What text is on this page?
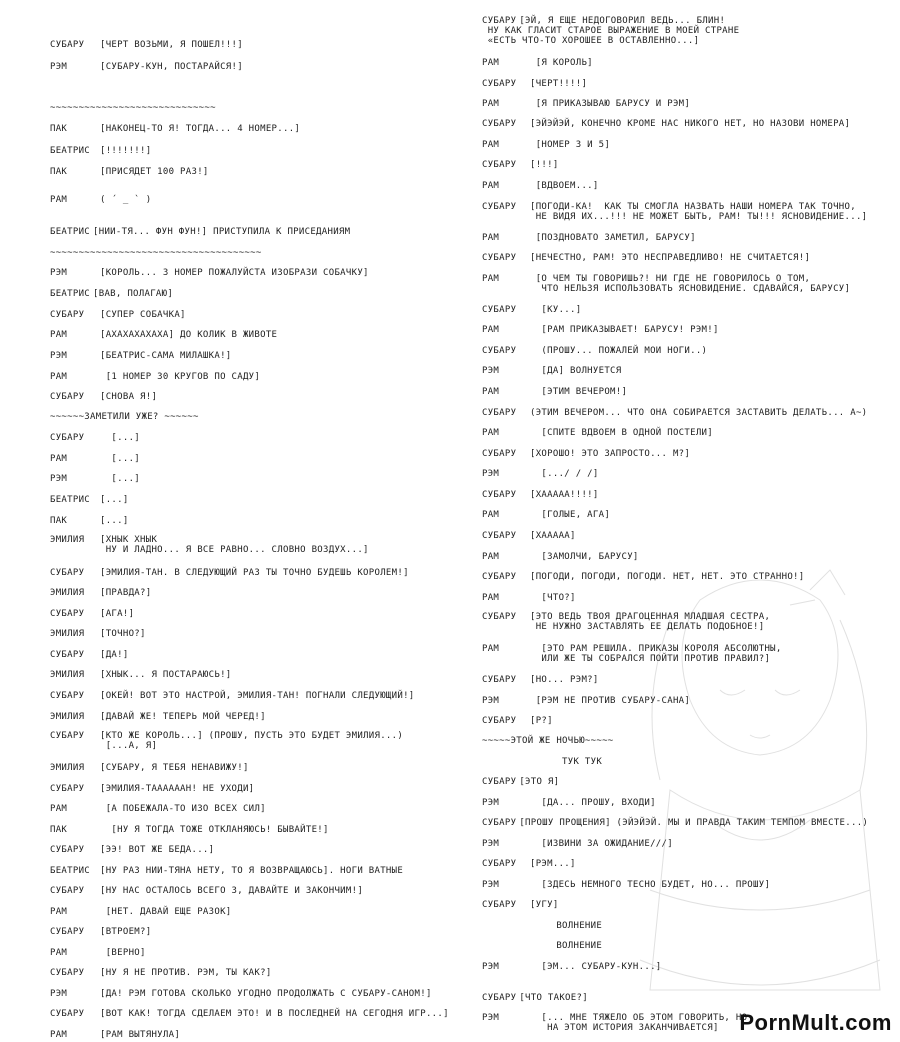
СУБАРУ [ЧЕРТ ВОЗЬМИ, Я ПОШЕЛ!!!]
РЭМ	[СУБАРУ-КУН, ПОСТАРАЙСЯ!]
~~~~~~~~~~~~~~~~~~~~~~~~~~~~~
ПАК	[НАКОНЕЦ-ТО Я! ТОГДА... 4 НОМЕР...]
БЕАТРИС [!!!!!!!]
ПАК	[ПРИСЯДЕТ 100 РАЗ!]
РАМ	( ´ _ ` )
БЕАТРИС [НИИ-ТЯ... ФУН ФУН!] ПРИСТУПИЛА К ПРИСЕДАНИЯМ
~~~~~~~~~~~~~~~~~~~~~~~~~~~~~~~~~~~~~
РЭМ	[КОРОЛЬ... 3 НОМЕР ПОЖАЛУЙСТА ИЗОБРАЗИ СОБАЧКУ]
БЕАТРИС [ВАВ, ПОЛАГАЮ]
СУБАРУ [СУПЕР СОБАЧКА]
РАМ	[АХАХАХАХАХА] ДО КОЛИК В ЖИВОТЕ
РЭМ	[БЕАТРИС-САМА МИЛАШКА!]
РАМ	[1 НОМЕР 30 КРУГОВ ПО САДУ]
СУБАРУ [СНОВА Я!]
~~~~~~ЗАМЕТИЛИ УЖЕ? ~~~~~~
СУБАРУ [...]
РАМ	[...]
РЭМ	[...]
БЕАТРИС [...]
ПАК	[...]
ЭМИЛИЯ [ХНЫК ХНЫК
НУ И ЛАДНО... Я ВСЕ РАВНО... СЛОВНО ВОЗДУХ...]
СУБАРУ [ЭМИЛИЯ-ТАН. В СЛЕДУЮЩИЙ РАЗ ТЫ ТОЧНО БУДЕШЬ КОРОЛЕМ!]
ЭМИЛИЯ [ПРАВДА?]
СУБАРУ [АГА!]
ЭМИЛИЯ [ТОЧНО?]
СУБАРУ [ДА!]
ЭМИЛИЯ [ХНЫК... Я ПОСТАРАЮСЬ!]
СУБАРУ [ОКЕЙ! ВОТ ЭТО НАСТРОЙ, ЭМИЛИЯ-ТАН! ПОГНАЛИ СЛЕДУЮЩИЙ!]
ЭМИЛИЯ [ДАВАЙ ЖЕ! ТЕПЕРЬ МОЙ ЧЕРЕД!]
СУБАРУ [КТО ЖЕ КОРОЛЬ...] (ПРОШУ, ПУСТЬ ЭТО БУДЕТ ЭМИЛИЯ...)
[...А, Я]
ЭМИЛИЯ [СУБАРУ, Я ТЕБЯ НЕНАВИЖУ!]
СУБАРУ [ЭМИЛИЯ-ТААААААН! НЕ УХОДИ]
РАМ	[А ПОБЕЖАЛА-ТО ИЗО ВСЕХ СИЛ]
ПАК	[НУ Я ТОГДА ТОЖЕ ОТКЛАНЯЮСЬ! БЫВАЙТЕ!]
СУБАРУ [ЭЭ! ВОТ ЖЕ БЕДА...]
БЕАТРИС [НУ РАЗ НИИ-ТЯНА НЕТУ, ТО Я ВОЗВРАЩАЮСЬ]. НОГИ ВАТНЫЕ
СУБАРУ [НУ НАС ОСТАЛОСЬ ВСЕГО 3, ДАВАЙТЕ И ЗАКОНЧИМ!]
РАМ	[НЕТ. ДАВАЙ ЕЩЕ РАЗОК]
СУБАРУ [ВТРОЕМ?]
РАМ	[ВЕРНО]
СУБАРУ [НУ Я НЕ ПРОТИВ. РЭМ, ТЫ КАК?]
РЭМ	[ДА! РЭМ ГОТОВА СКОЛЬКО УГОДНО ПРОДОЛЖАТЬ С СУБАРУ-САНОМ!]
СУБАРУ [ВОТ КАК! ТОГДА СДЕЛАЕМ ЭТО! И В ПОСЛЕДНЕЙ НА СЕГОДНЯ ИГР...]
РАМ	[РАМ ВЫТЯНУЛА]
СУБАРУ [ЭЙ, Я ЕЩЕ НЕДОГОВОРИЛ ВЕДЬ... БЛИН!
НУ КАК ГЛАСИТ СТАРОЕ ВЫРАЖЕНИЕ В МОЕЙ СТРАНЕ
«ЕСТЬ ЧТО-ТО ХОРОШЕЕ В ОСТАВЛЕННО...]
РАМ	[Я КОРОЛЬ]
СУБАРУ [ЧЕРТ!!!!]
РАМ	[Я ПРИКАЗЫВАЮ БАРУСУ И РЭМ]
СУБАРУ [ЭЙЭЙЭЙ, КОНЕЧНО КРОМЕ НАС НИКОГО НЕТ, НО НАЗОВИ НОМЕРА]
РАМ	[НОМЕР 3 И 5]
СУБАРУ [!!!]
РАМ	[ВДВОЕМ...]
СУБАРУ [ПОГОДИ-КА!  КАК ТЫ СМОГЛА НАЗВАТЬ НАШИ НОМЕРА ТАК ТОЧНО,
НЕ ВИДЯ ИХ...!!! НЕ МОЖЕТ БЫТЬ, РАМ! ТЫ!!! ЯСНОВИДЕНИЕ...]
РАМ	[ПОЗДНОВАТО ЗАМЕТИЛ, БАРУСУ]
СУБАРУ [НЕЧЕСТНО, РАМ! ЭТО НЕСПРАВЕДЛИВО! НЕ СЧИТАЕТСЯ!]
РАМ	[О ЧЕМ ТЫ ГОВОРИШЬ?! НИ ГДЕ НЕ ГОВОРИЛОСЬ О ТОМ,
ЧТО НЕЛЬЗЯ ИСПОЛЬЗОВАТЬ ЯСНОВИДЕНИЕ. СДАВАЙСЯ, БАРУСУ]
СУБАРУ [КУ...]
РАМ	[РАМ ПРИКАЗЫВАЕТ! БАРУСУ! РЭМ!]
СУБАРУ (ПРОШУ... ПОЖАЛЕЙ МОИ НОГИ..)
РЭМ	[ДА] ВОЛНУЕТСЯ
РАМ	[ЭТИМ ВЕЧЕРОМ!]
СУБАРУ (ЭТИМ ВЕЧЕРОМ... ЧТО ОНА СОБИРАЕТСЯ ЗАСТАВИТЬ ДЕЛАТЬ... А~)
РАМ	[СПИТЕ ВДВОЕМ В ОДНОЙ ПОСТЕЛИ]
СУБАРУ [ХОРОШО! ЭТО ЗАПРОСТО... М?]
РЭМ	[.../ / /]
СУБАРУ [ХААААА!!!!]
РАМ	[ГОЛЫЕ, АГА]
СУБАРУ [ХААААА]
РАМ	[ЗАМОЛЧИ, БАРУСУ]
СУБАРУ [ПОГОДИ, ПОГОДИ, ПОГОДИ. НЕТ, НЕТ. ЭТО СТРАННО!]
РАМ	[ЧТО?]
СУБАРУ [ЭТО ВЕДЬ ТВОЯ ДРАГОЦЕННАЯ МЛАДШАЯ СЕСТРА,
НЕ НУЖНО ЗАСТАВЛЯТЬ ЕЕ ДЕЛАТЬ ПОДОБНОЕ!]
РАМ	[ЭТО РАМ РЕШИЛА. ПРИКАЗЫ КОРОЛЯ АБСОЛЮТНЫ,
ИЛИ ЖЕ ТЫ СОБРАЛСЯ ПОЙТИ ПРОТИВ ПРАВИЛ?]
СУБАРУ [НО... РЭМ?]
РЭМ	[РЭМ НЕ ПРОТИВ СУБАРУ-САНА]
СУБАРУ [Р?]
~~~~~ЭТОЙ ЖЕ НОЧЬЮ~~~~~
ТУК ТУК
СУБАРУ [ЭТО Я]
РЭМ	[ДА... ПРОШУ, ВХОДИ]
СУБАРУ [ПРОШУ ПРОЩЕНИЯ] (ЭЙЭЙЭЙ. МЫ И ПРАВДА ТАКИМ ТЕМПОМ ВМЕСТЕ...)
РЭМ	[ИЗВИНИ ЗА ОЖИДАНИЕ///]
СУБАРУ [РЭМ...]
РЭМ	[ЗДЕСЬ НЕМНОГО ТЕСНО БУДЕТ, НО... ПРОШУ]
СУБАРУ [УГУ]
ВОЛНЕНИЕ
ВОЛНЕНИЕ
РЭМ	[ЭМ... СУБАРУ-КУН...]
СУБАРУ [ЧТО ТАКОЕ?]
РЭМ	[... МНЕ ТЯЖЕЛО ОБ ЭТОМ ГОВОРИТЬ, НО
НА ЭТОМ ИСТОРИЯ ЗАКАНЧИВАЕТСЯ] PornMult.com
